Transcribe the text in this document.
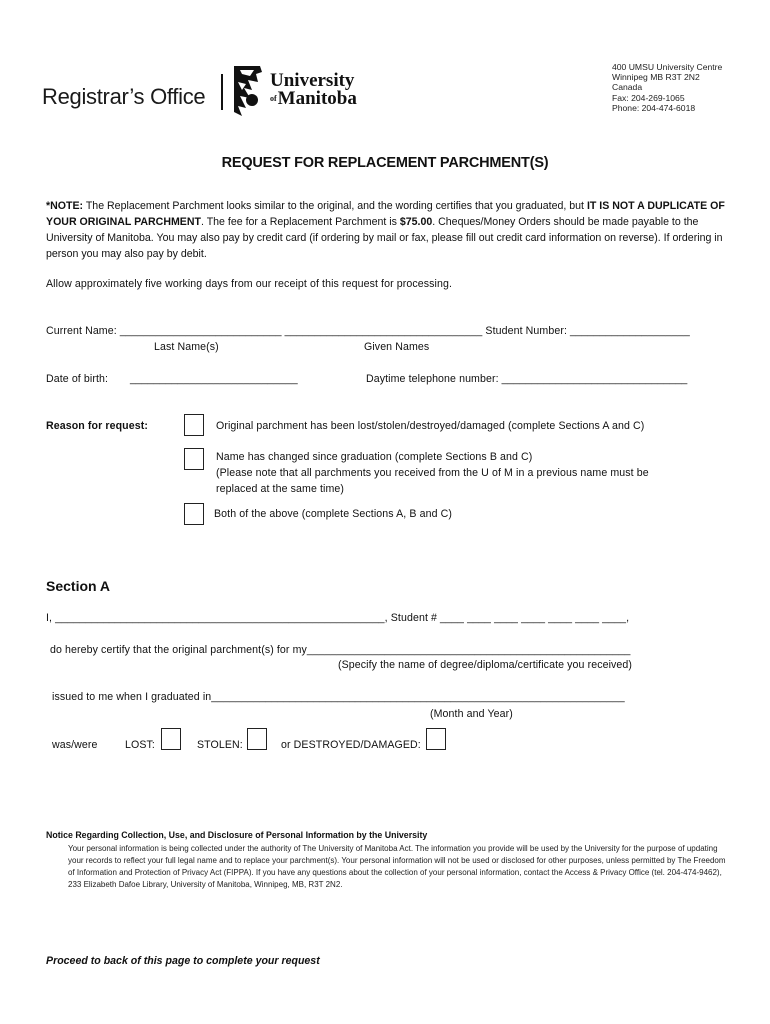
Registrar’s Office
University
ofManitoba
400 UMSU University Centre
Winnipeg MB R3T 2N2
Canada
Fax: 204-269-1065
Phone: 204-474-6018
REQUEST FOR REPLACEMENT PARCHMENT(S)
*NOTE: The Replacement Parchment looks similar to the original, and the wording certifies that you graduated, but IT IS NOT A DUPLICATE OF YOUR ORIGINAL PARCHMENT. The fee for a Replacement Parchment is $75.00. Cheques/Money Orders should be made payable to the University of Manitoba. You may also pay by credit card (if ordering by mail or fax, please fill out credit card information on reverse). If ordering in person you may also pay by debit.
Allow approximately five working days from our receipt of this request for processing.
Current Name: ___________________________ _________________________________ Student Number: ____________________
Last Name(s)	Given Names
Date of birth: ____________________________	Daytime telephone number: _______________________________
Reason for request:	Original parchment has been lost/stolen/destroyed/damaged (complete Sections A and C)
Name has changed since graduation (complete Sections B and C)
(Please note that all parchments you received from the U of M in a previous name must be
replaced at the same time)
Both of the above (complete Sections A, B and C)
Section A
I, _______________________________________________________, Student # ____ ____ ____ ____ ____ ____ ____,
do hereby certify that the original parchment(s) for my______________________________________________________
(Specify the name of degree/diploma/certificate you received)
issued to me when I graduated in_____________________________________________________________________
(Month and Year)
was/were	LOST:	STOLEN:	or DESTROYED/DAMAGED:
Notice Regarding Collection, Use, and Disclosure of Personal Information by the University
Your personal information is being collected under the authority of The University of Manitoba Act. The information you provide will be used by the University for the purpose of updating your records to reflect your full legal name and to replace your parchment(s). Your personal information will not be used or disclosed for other purposes, unless permitted by The Freedom of Information and Protection of Privacy Act (FIPPA). If you have any questions about the collection of your personal information, contact the Access & Privacy Office (tel. 204-474-9462), 233 Elizabeth Dafoe Library, University of Manitoba, Winnipeg, MB, R3T 2N2.
Proceed to back of this page to complete your request
